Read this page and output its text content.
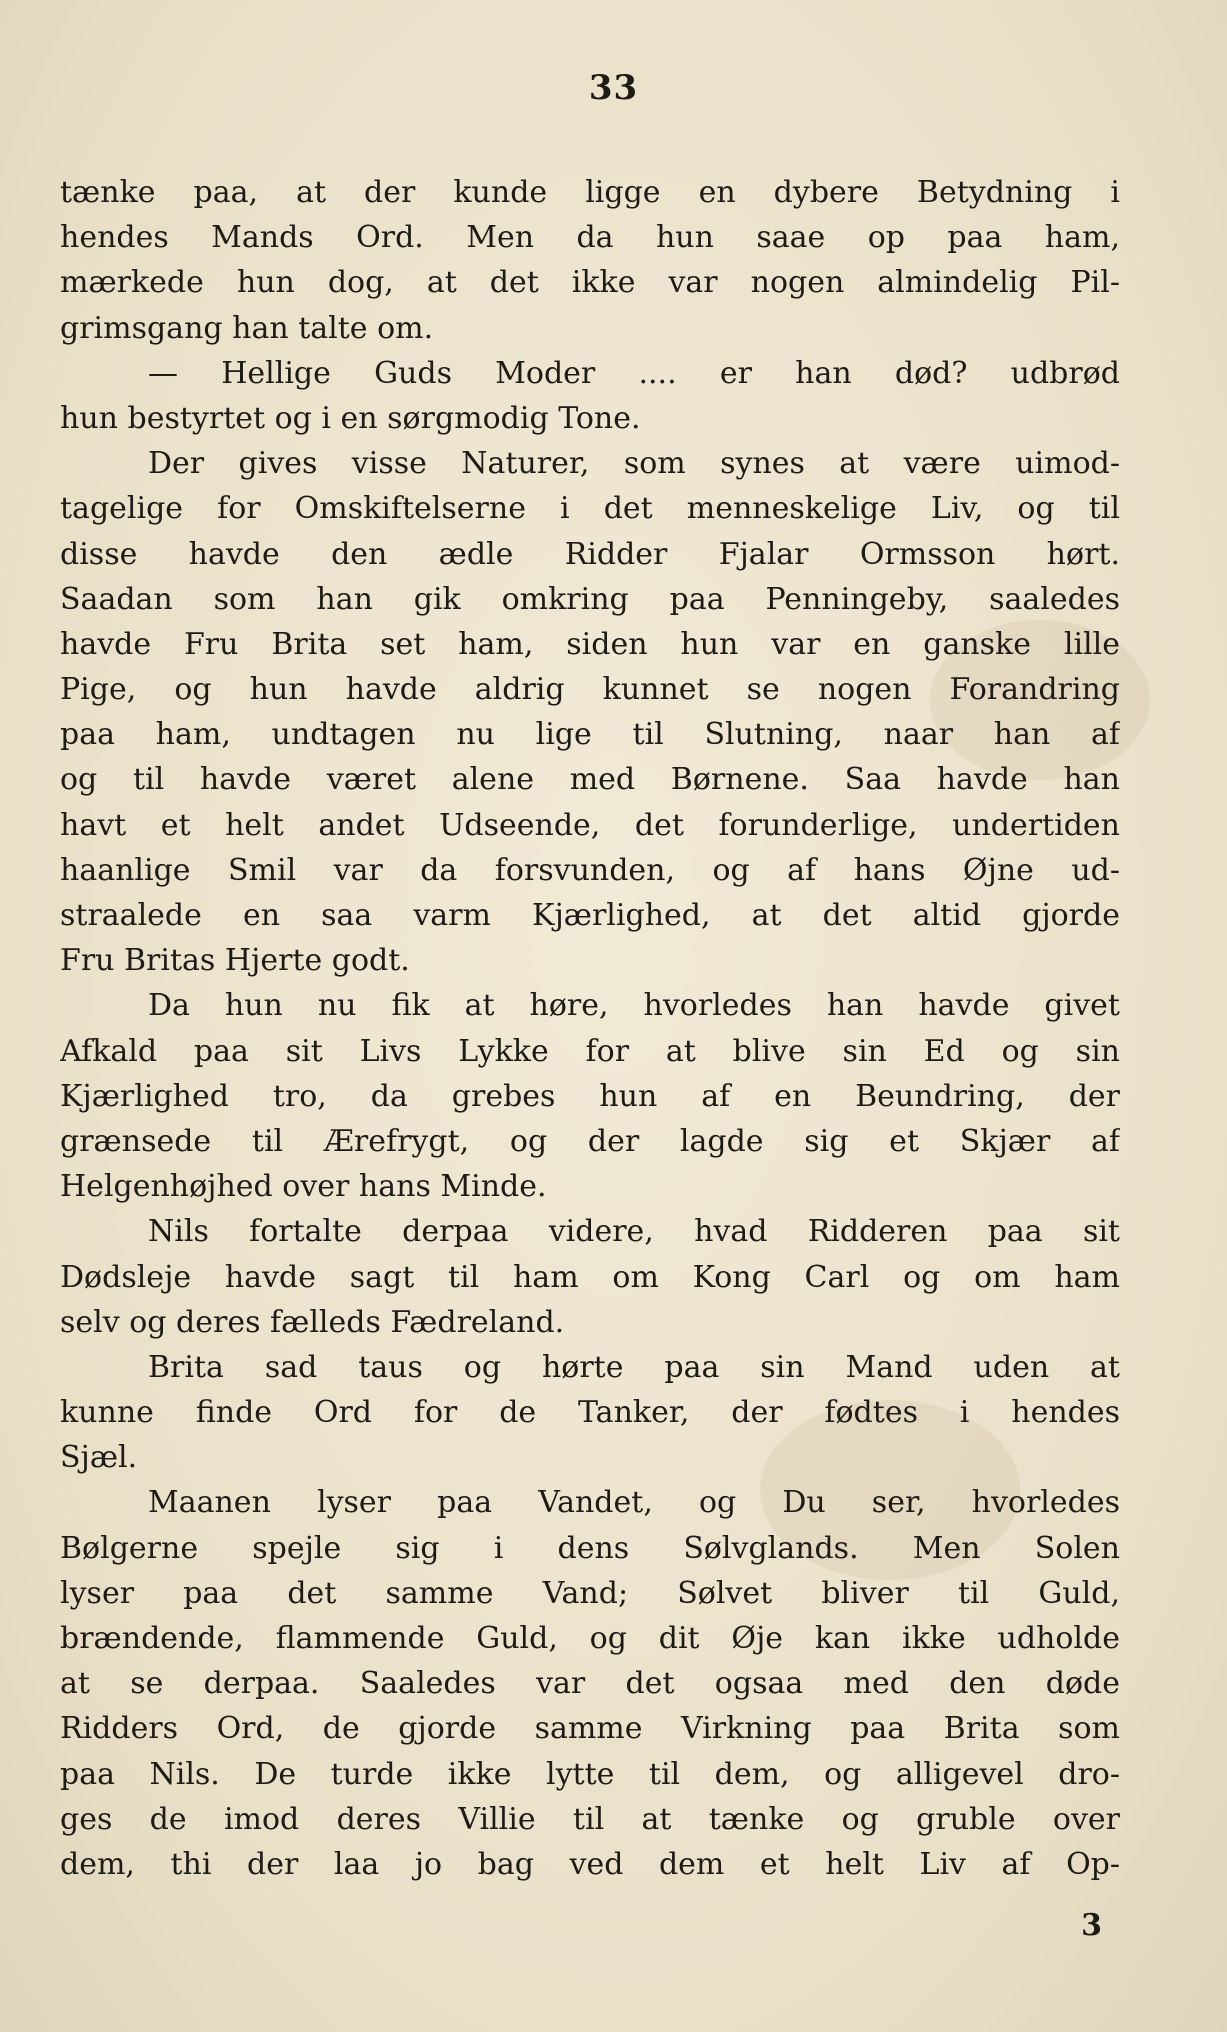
33
tænke paa, at der kunde ligge en dybere Betydning i
hendes Mands Ord. Men da hun saae op paa ham,
mærkede hun dog, at det ikke var nogen almindelig Pil-
grimsgang han talte om.
— Hellige Guds Moder .... er han død? udbrød
hun bestyrtet og i en sørgmodig Tone.
Der gives visse Naturer, som synes at være uimod-
tagelige for Omskiftelserne i det menneskelige Liv, og til
disse havde den ædle Ridder Fjalar Ormsson hørt.
Saadan som han gik omkring paa Penningeby, saaledes
havde Fru Brita set ham, siden hun var en ganske lille
Pige, og hun havde aldrig kunnet se nogen Forandring
paa ham, undtagen nu lige til Slutning, naar han af
og til havde været alene med Børnene. Saa havde han
havt et helt andet Udseende, det forunderlige, undertiden
haanlige Smil var da forsvunden, og af hans Øjne ud-
straalede en saa varm Kjærlighed, at det altid gjorde
Fru Britas Hjerte godt.
Da hun nu fik at høre, hvorledes han havde givet
Afkald paa sit Livs Lykke for at blive sin Ed og sin
Kjærlighed tro, da grebes hun af en Beundring, der
grænsede til Ærefrygt, og der lagde sig et Skjær af
Helgenhøjhed over hans Minde.
Nils fortalte derpaa videre, hvad Ridderen paa sit
Dødsleje havde sagt til ham om Kong Carl og om ham
selv og deres fælleds Fædreland.
Brita sad taus og hørte paa sin Mand uden at
kunne finde Ord for de Tanker, der fødtes i hendes
Sjæl.
Maanen lyser paa Vandet, og Du ser, hvorledes
Bølgerne spejle sig i dens Sølvglands. Men Solen
lyser paa det samme Vand; Sølvet bliver til Guld,
brændende, flammende Guld, og dit Øje kan ikke udholde
at se derpaa. Saaledes var det ogsaa med den døde
Ridders Ord, de gjorde samme Virkning paa Brita som
paa Nils. De turde ikke lytte til dem, og alligevel dro-
ges de imod deres Villie til at tænke og gruble over
dem, thi der laa jo bag ved dem et helt Liv af Op-
3
